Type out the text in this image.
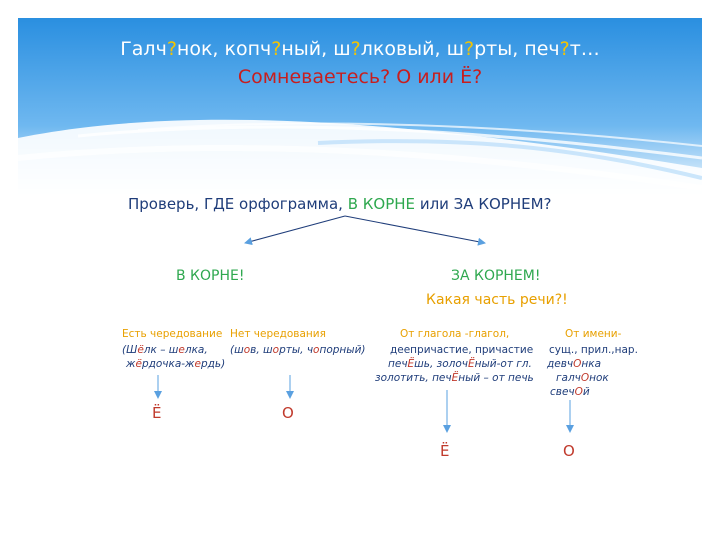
Галч?нок, копч?ный, ш?лковый, ш?рты, печ?т…
Сомневаетесь? О или Ё?
Проверь, ГДЕ орфограмма, В КОРНЕ или ЗА КОРНЕМ?
В КОРНЕ!	ЗА КОРНЕМ!
Какая часть речи?!
Есть чередование
(Шёлк – шелка,
жёрдочка-жердь)
Ё
Нет чередования
(шов, шорты, чопорный)
О
От глагола -глагол,
деепричастие, причастие
печЁшь, золочЁный-от гл.
золотить, печЁный – от печь
Ё
От имени-
сущ., прил.,нар.
девчОнка
галчОнок
свечОй
О
